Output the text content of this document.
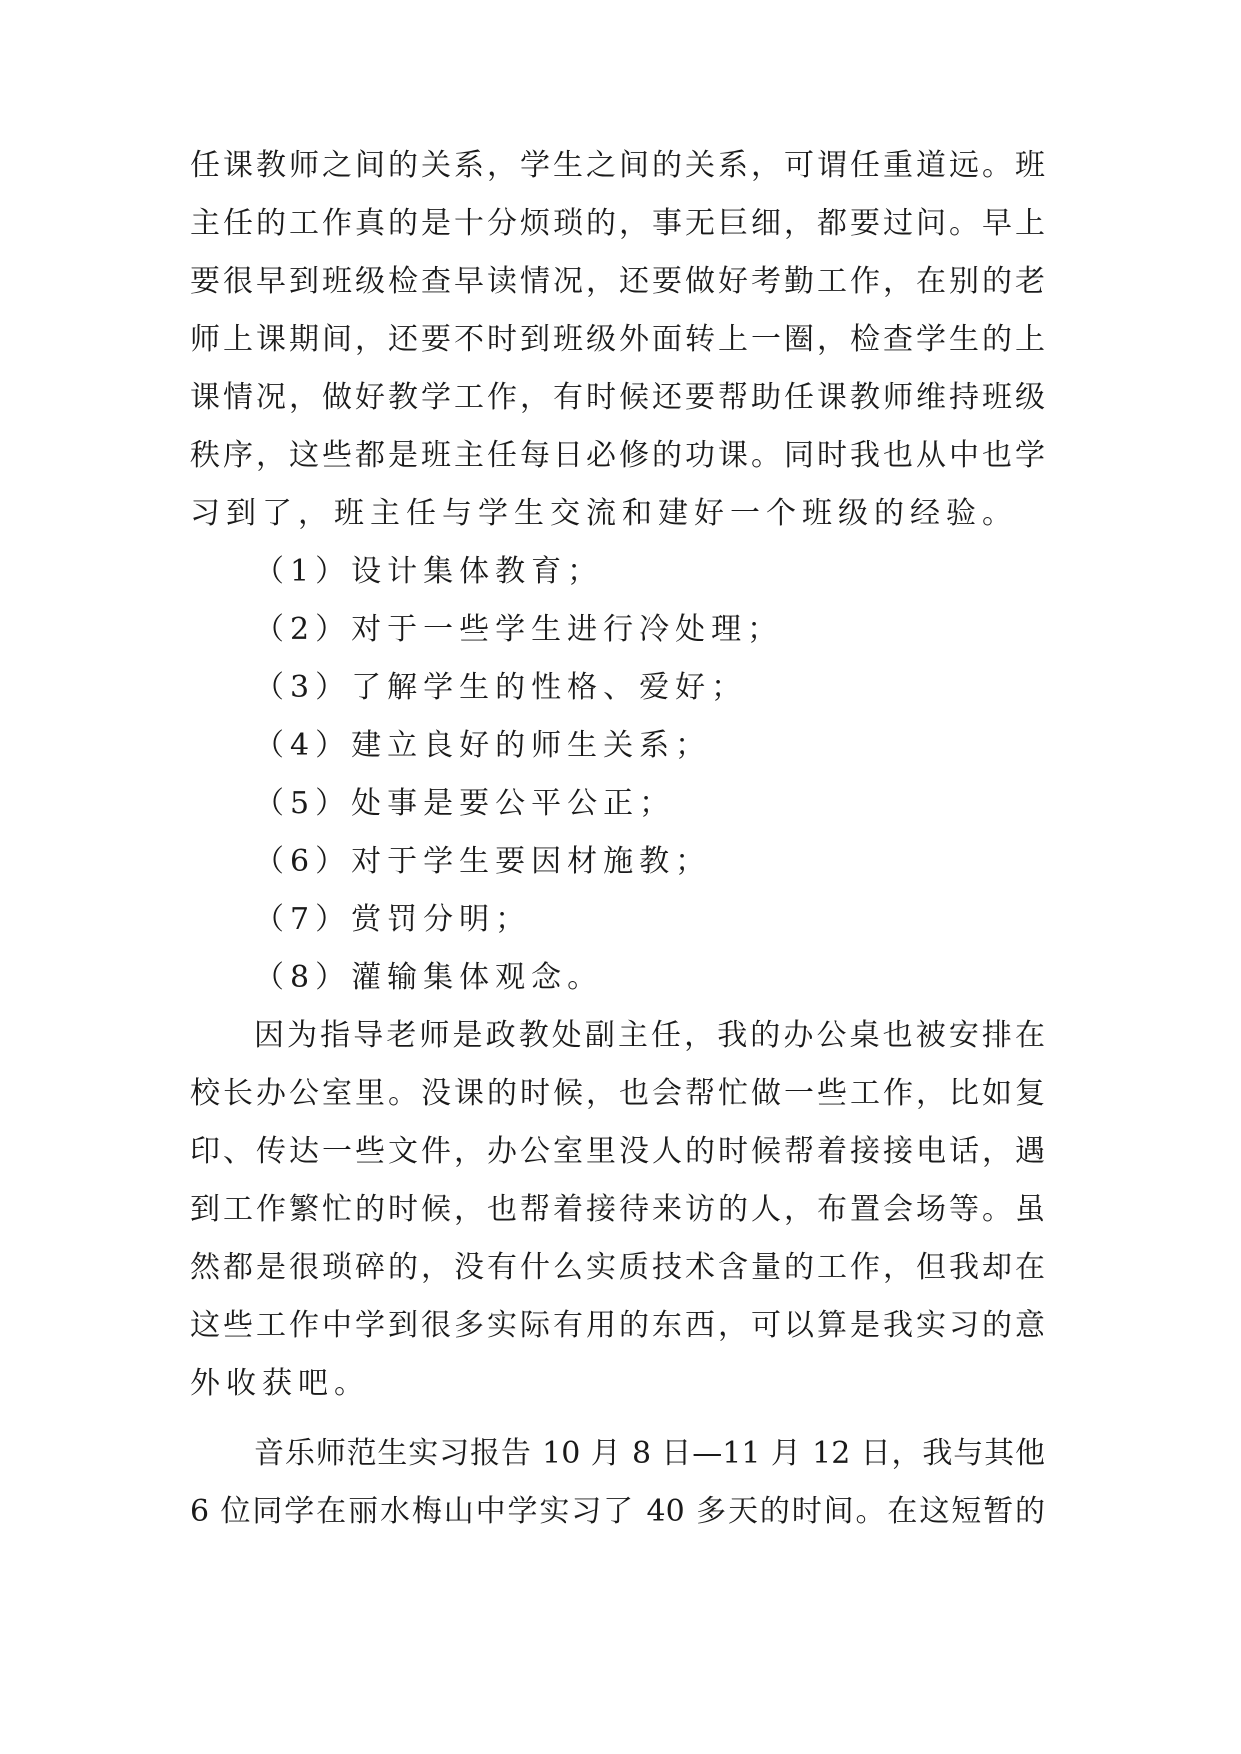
任课教师之间的关系，学生之间的关系，可谓任重道远。班
主任的工作真的是十分烦琐的，事无巨细，都要过问。早上
要很早到班级检查早读情况，还要做好考勤工作，在别的老
师上课期间，还要不时到班级外面转上一圈，检查学生的上
课情况，做好教学工作，有时候还要帮助任课教师维持班级
秩序，这些都是班主任每日必修的功课。同时我也从中也学
习到了，班主任与学生交流和建好一个班级的经验。
（1）设计集体教育；
（2）对于一些学生进行冷处理；
（3）了解学生的性格、爱好；
（4）建立良好的师生关系；
（5）处事是要公平公正；
（6）对于学生要因材施教；
（7）赏罚分明；
（8）灌输集体观念。
因为指导老师是政教处副主任，我的办公桌也被安排在
校长办公室里。没课的时候，也会帮忙做一些工作，比如复
印、传达一些文件，办公室里没人的时候帮着接接电话，遇
到工作繁忙的时候，也帮着接待来访的人，布置会场等。虽
然都是很琐碎的，没有什么实质技术含量的工作，但我却在
这些工作中学到很多实际有用的东西，可以算是我实习的意
外收获吧。
音乐师范生实习报告 10 月 8 日—11 月 12 日，我与其他
6 位同学在丽水梅山中学实习了 40 多天的时间。在这短暂的
